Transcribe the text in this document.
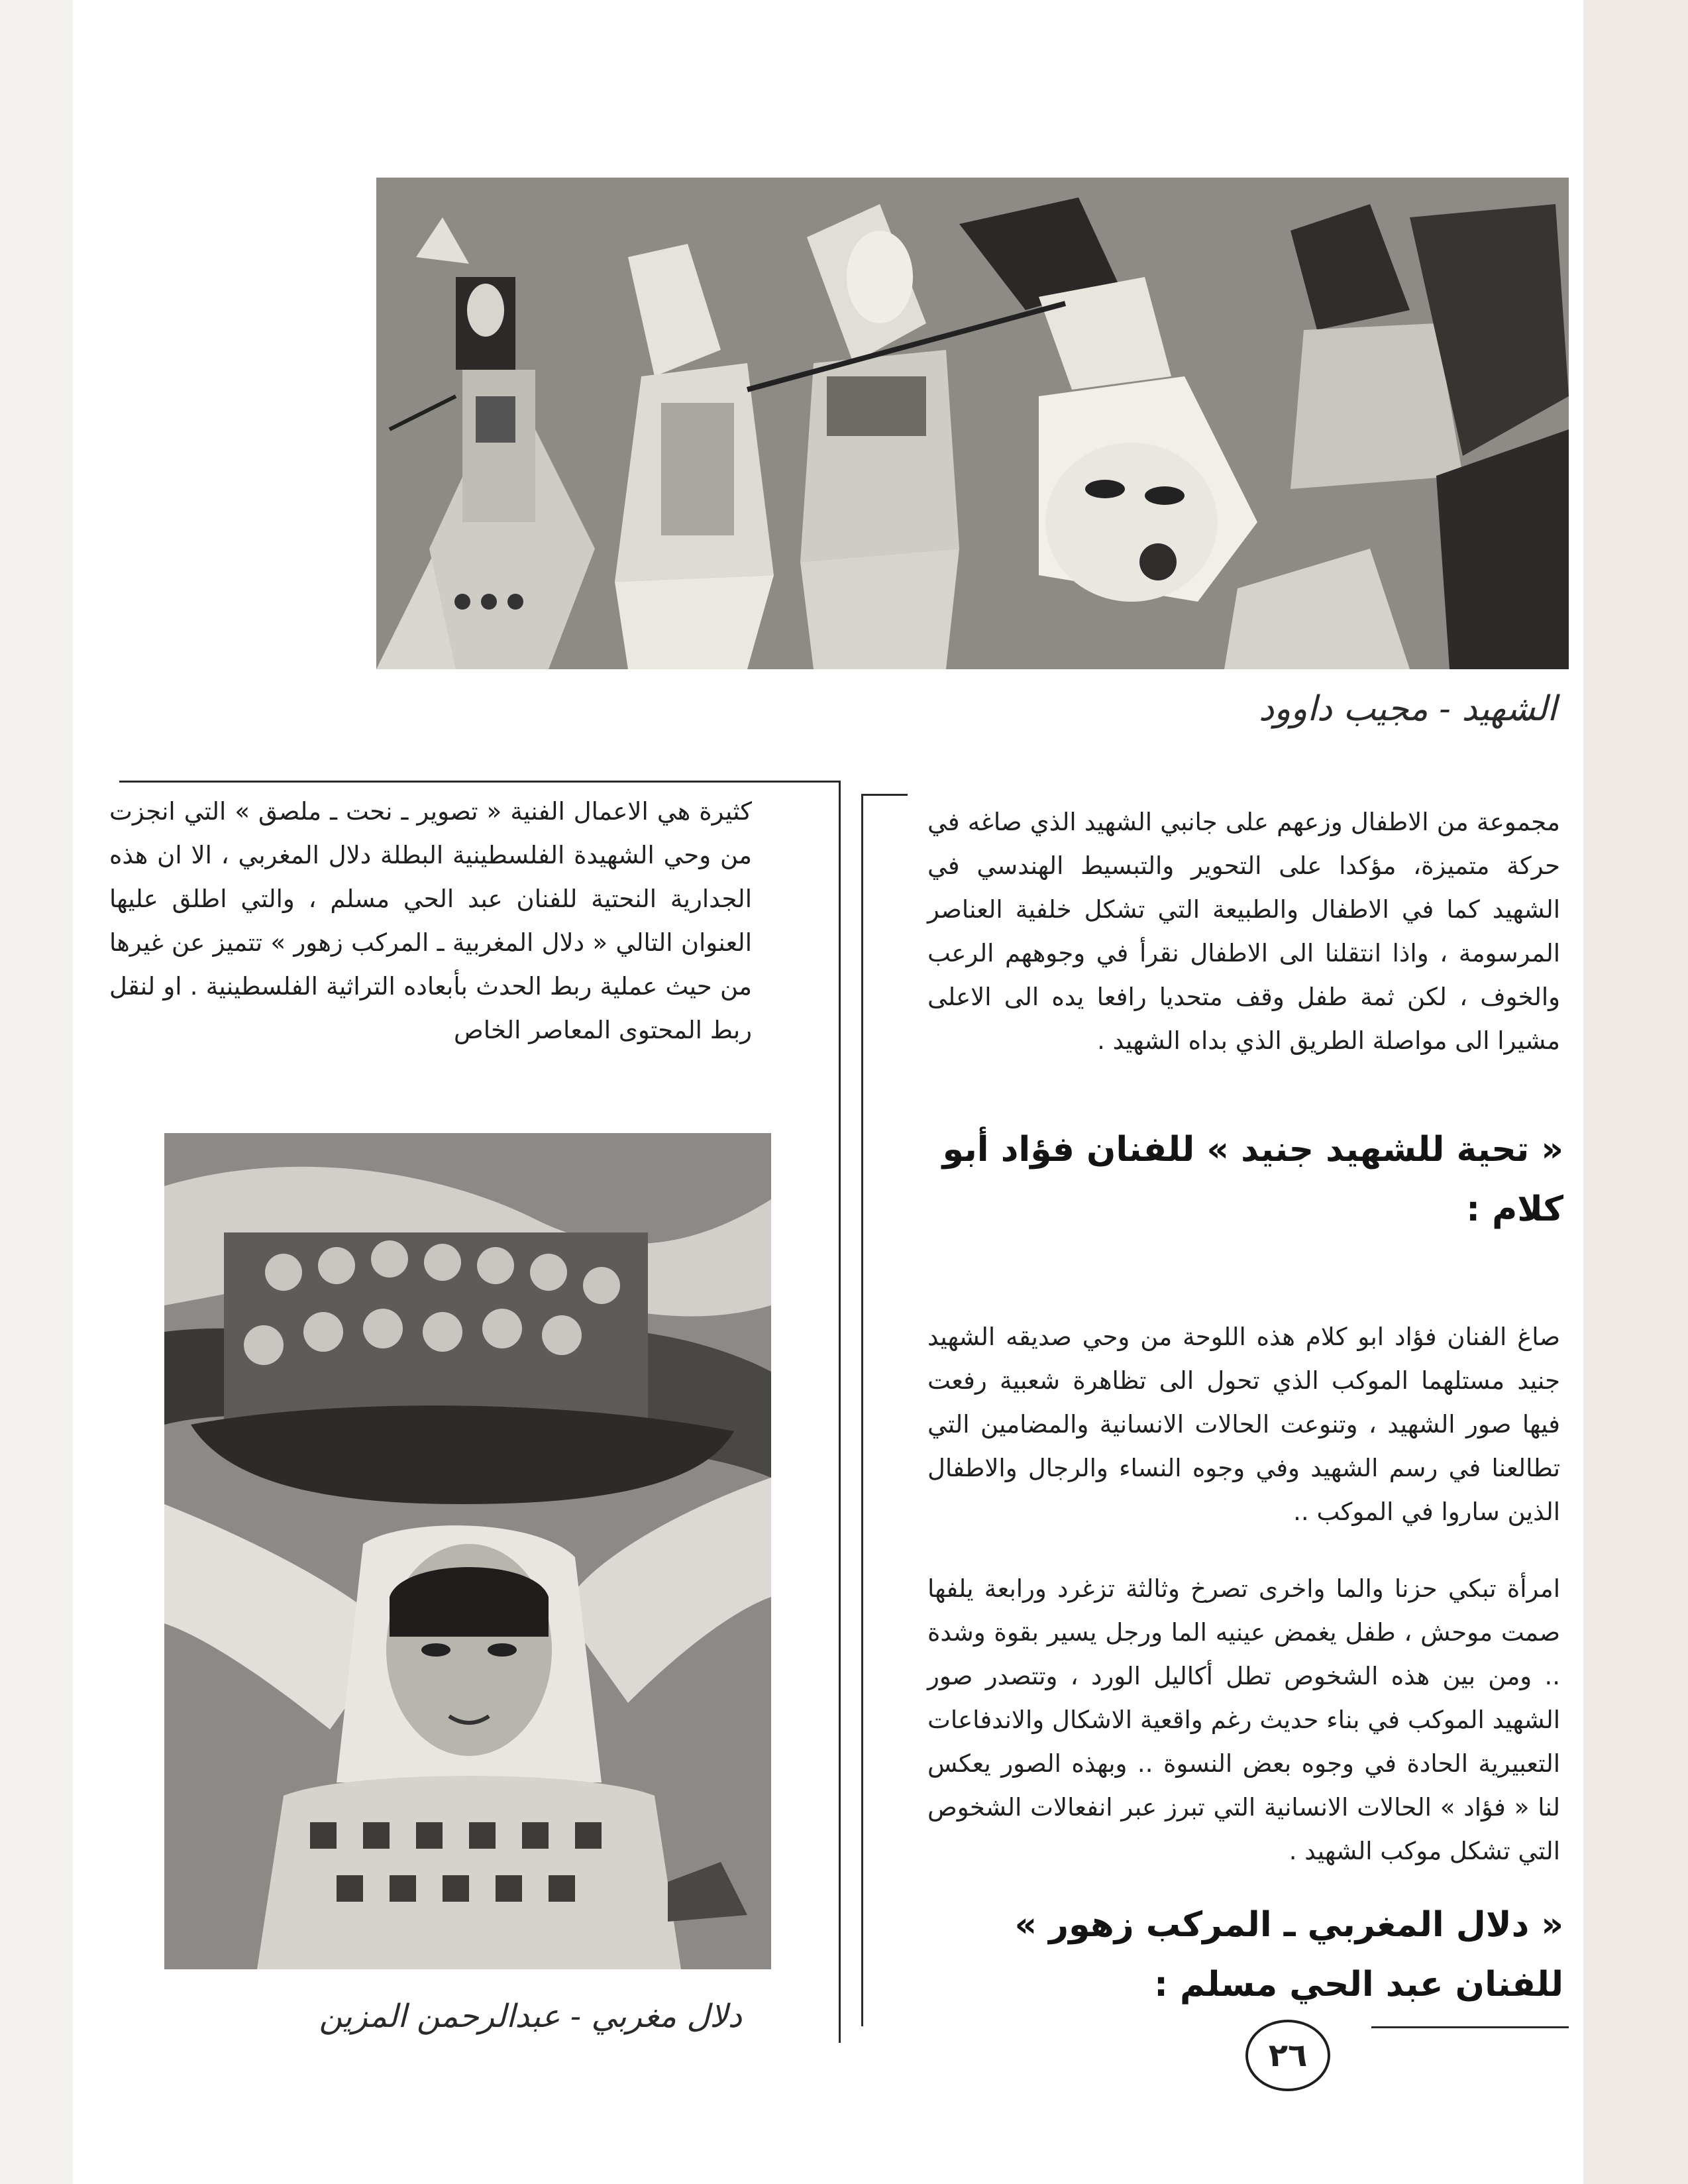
الشهيد - مجيب داوود
كثيرة هي الاعمال الفنية « تصوير ـ نحت ـ ملصق » التي انجزت من وحي الشهيدة الفلسطينية البطلة دلال المغربي ، الا ان هذه الجدارية النحتية للفنان عبد الحي مسلم ، والتي اطلق عليها العنوان التالي « دلال المغربية ـ المركب زهور » تتميز عن غيرها من حيث عملية ربط الحدث بأبعاده التراثية الفلسطينية . او لنقل ربط المحتوى المعاصر الخاص
دلال مغربي - عبدالرحمن المزين
مجموعة من الاطفال وزعهم على جانبي الشهيد الذي صاغه في حركة متميزة، مؤكدا على التحوير والتبسيط الهندسي في الشهيد كما في الاطفال والطبيعة التي تشكل خلفية العناصر المرسومة ، واذا انتقلنا الى الاطفال نقرأ في وجوههم الرعب والخوف ، لكن ثمة طفل وقف متحديا رافعا يده الى الاعلى مشيرا الى مواصلة الطريق الذي بداه الشهيد .
« تحية للشهيد جنيد » للفنان فؤاد أبو كلام :
صاغ الفنان فؤاد ابو كلام هذه اللوحة من وحي صديقه الشهيد جنيد مستلهما الموكب الذي تحول الى تظاهرة شعبية رفعت فيها صور الشهيد ، وتنوعت الحالات الانسانية والمضامين التي تطالعنا في رسم الشهيد وفي وجوه النساء والرجال والاطفال الذين ساروا في الموكب ..
امرأة تبكي حزنا والما واخرى تصرخ وثالثة تزغرد ورابعة يلفها صمت موحش ، طفل يغمض عينيه الما ورجل يسير بقوة وشدة .. ومن بين هذه الشخوص تطل أكاليل الورد ، وتتصدر صور الشهيد الموكب في بناء حديث رغم واقعية الاشكال والاندفاعات التعبيرية الحادة في وجوه بعض النسوة .. وبهذه الصور يعكس لنا « فؤاد » الحالات الانسانية التي تبرز عبر انفعالات الشخوص التي تشكل موكب الشهيد .
« دلال المغربي ـ المركب زهور » للفنان عبد الحي مسلم :
٢٦
